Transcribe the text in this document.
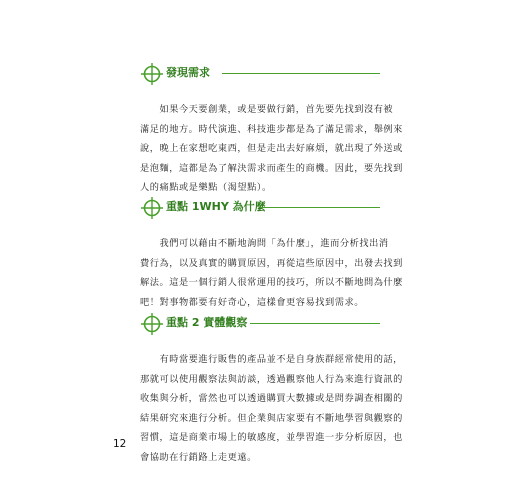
發現需求

　　如果今天要創業，或是要做行銷，首先要先找到沒有被
滿足的地方。時代演進、科技進步都是為了滿足需求，舉例來
說，晚上在家想吃東西，但是走出去好麻煩，就出現了外送或
是泡麵，這都是為了解決需求而產生的商機。因此，要先找到
人的痛點或是樂點（渴望點）。

重點 1WHY 為什麼

　　我們可以藉由不斷地詢問「為什麼」，進而分析找出消
費行為，以及真實的購買原因，再從這些原因中，出發去找到
解法。這是一個行銷人很常運用的技巧，所以不斷地問為什麼
吧！對事物都要有好奇心，這樣會更容易找到需求。

重點 2 實體觀察

　　有時當要進行販售的產品並不是自身族群經常使用的話，
那就可以使用觀察法與訪談，透過觀察他人行為來進行資訊的
收集與分析，當然也可以透過購買大數據或是問券調查相關的
結果研究來進行分析。但企業與店家要有不斷地學習與觀察的
習慣，這是商業市場上的敏感度，並學習進一步分析原因，也
會協助在行銷路上走更遠。

12
